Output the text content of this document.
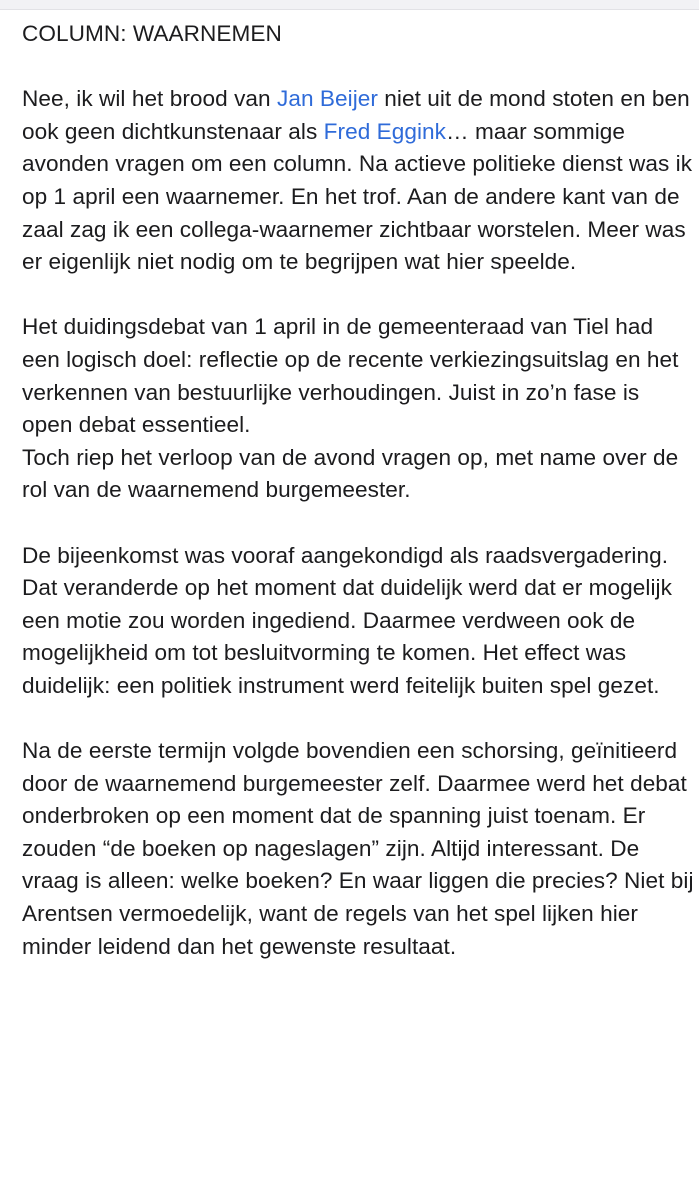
COLUMN: WAARNEMEN

Nee, ik wil het brood van Jan Beijer niet uit de mond stoten en ben ook geen dichtkunstenaar als Fred Eggink… maar sommige avonden vragen om een column. Na actieve politieke dienst was ik op 1 april een waarnemer. En het trof. Aan de andere kant van de zaal zag ik een collega-waarnemer zichtbaar worstelen. Meer was er eigenlijk niet nodig om te begrijpen wat hier speelde.

Het duidingsdebat van 1 april in de gemeenteraad van Tiel had een logisch doel: reflectie op de recente verkiezingsuitslag en het verkennen van bestuurlijke verhoudingen. Juist in zo’n fase is open debat essentieel.

Toch riep het verloop van de avond vragen op, met name over de rol van de waarnemend burgemeester.

De bijeenkomst was vooraf aangekondigd als raadsvergadering. Dat veranderde op het moment dat duidelijk werd dat er mogelijk een motie zou worden ingediend. Daarmee verdween ook de mogelijkheid om tot besluitvorming te komen. Het effect was duidelijk: een politiek instrument werd feitelijk buiten spel gezet.

Na de eerste termijn volgde bovendien een schorsing, geïnitieerd door de waarnemend burgemeester zelf. Daarmee werd het debat onderbroken op een moment dat de spanning juist toenam. Er zouden “de boeken op nageslagen” zijn. Altijd interessant. De vraag is alleen: welke boeken? En waar liggen die precies? Niet bij Arentsen vermoedelijk, want de regels van het spel lijken hier minder leidend dan het gewenste resultaat.
